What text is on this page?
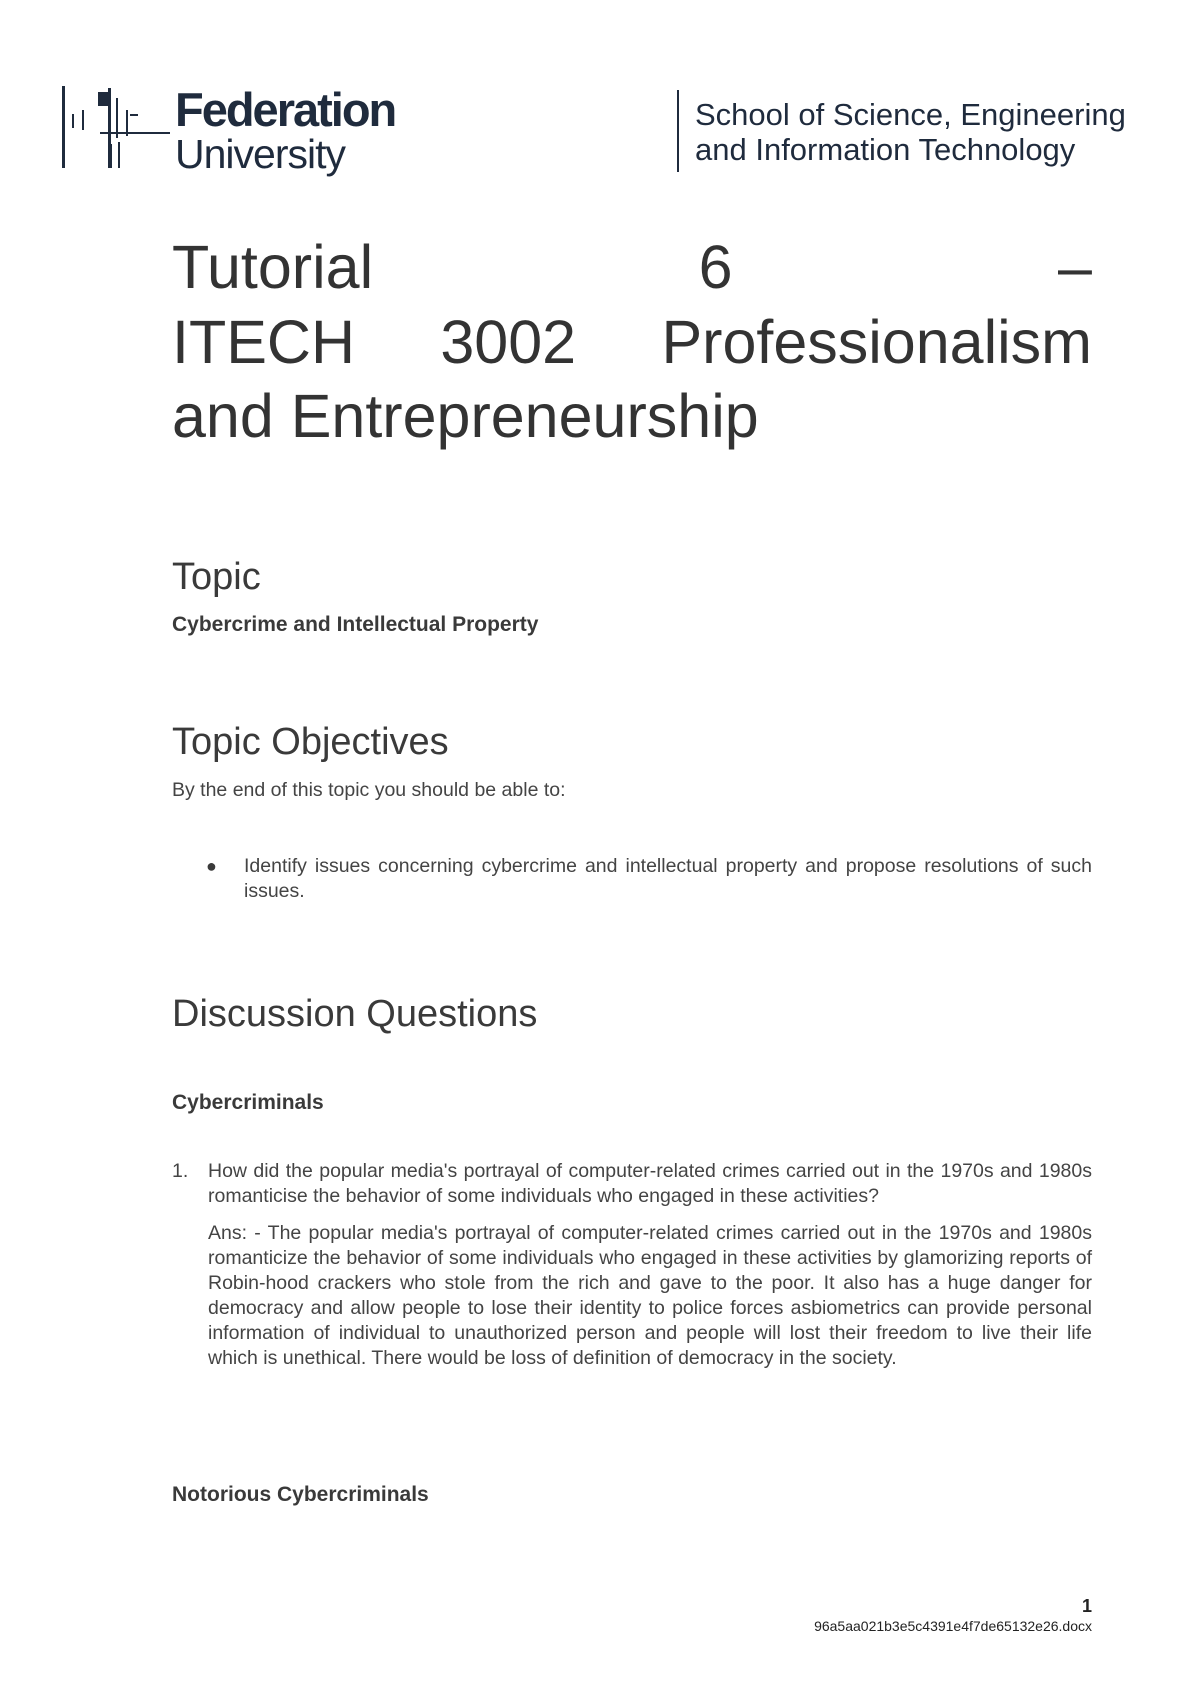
Federation
University
School of Science, Engineering
and Information Technology
Tutorial	6	–
ITECH 3002 Professionalism
and Entrepreneurship
Topic
Cybercrime and Intellectual Property
Topic Objectives
By the end of this topic you should be able to:
● Identify issues concerning cybercrime and intellectual property and propose resolutions of such issues.
Discussion Questions
Cybercriminals
1. How did the popular media's portrayal of computer-related crimes carried out in the 1970s and 1980s romanticise the behavior of some individuals who engaged in these activities?
Ans: - The popular media's portrayal of computer-related crimes carried out in the 1970s and 1980s romanticize the behavior of some individuals who engaged in these activities by glamorizing reports of Robin-hood crackers who stole from the rich and gave to the poor. It also has a huge danger for democracy and allow people to lose their identity to police forces asbiometrics can provide personal information of individual to unauthorized person and people will lost their freedom to live their life which is unethical. There would be loss of definition of democracy in the society.
Notorious Cybercriminals
1
96a5aa021b3e5c4391e4f7de65132e26.docx
